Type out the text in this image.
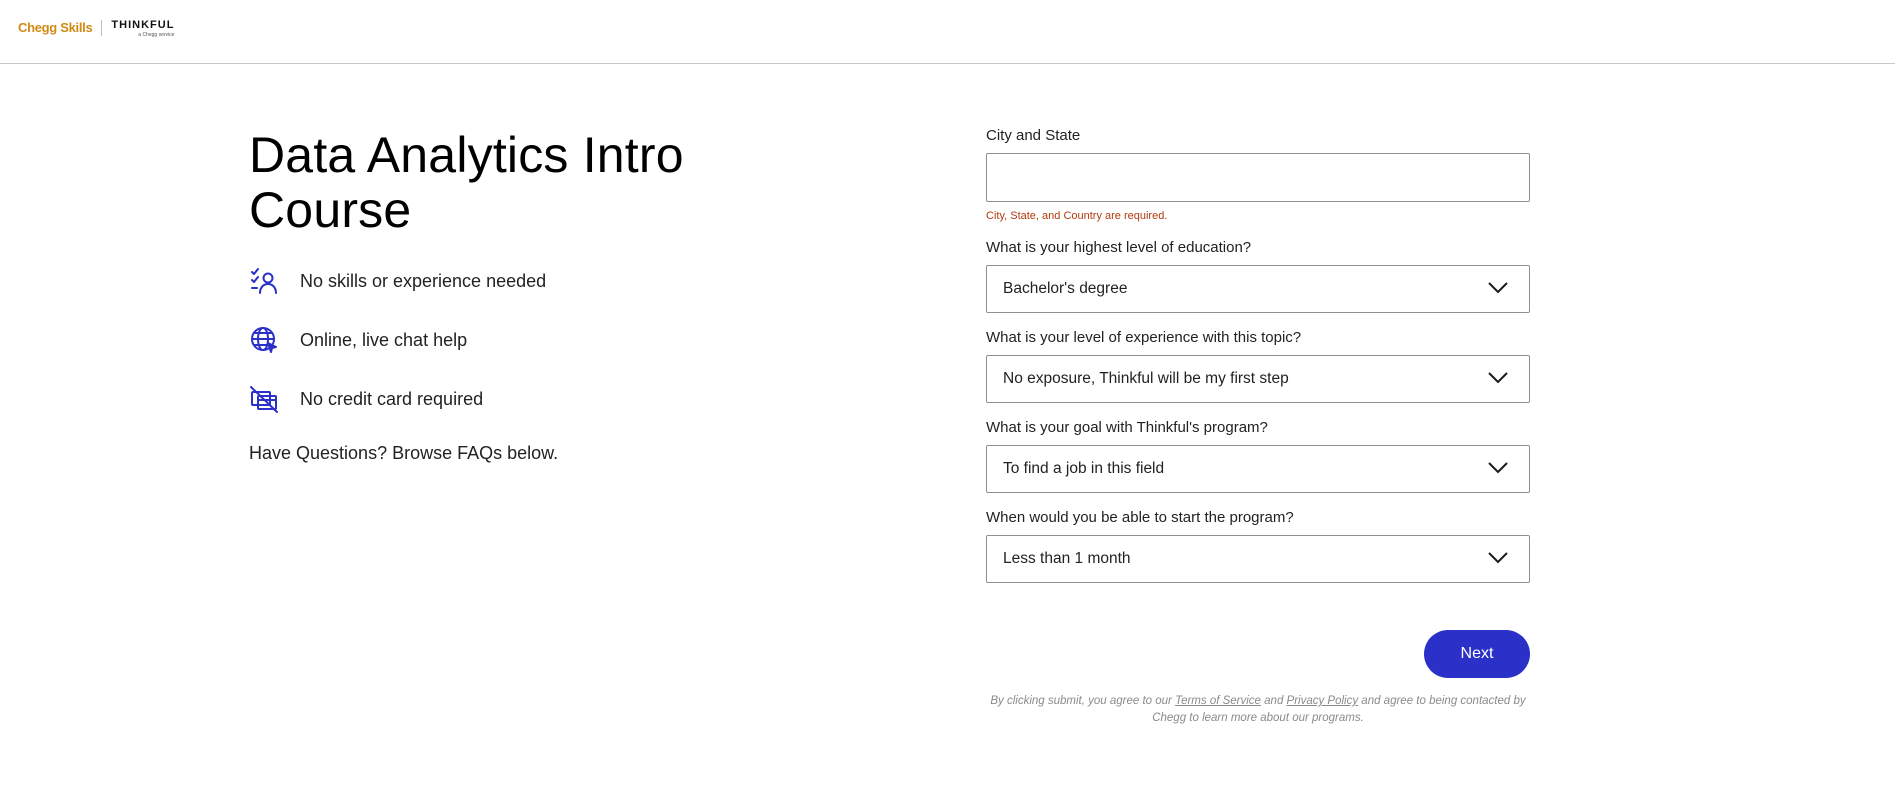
Chegg Skills THINKFUL
a Chegg service
Data Analytics Intro Course
No skills or experience needed
Online, live chat help
No credit card required

Have Questions? Browse FAQs below.

City and State
City, State, and Country are required.
What is your highest level of education?
Bachelor's degree
What is your level of experience with this topic?
No exposure, Thinkful will be my first step
What is your goal with Thinkful's program?
To find a job in this field
When would you be able to start the program?
Less than 1 month
Next

By clicking submit, you agree to our Terms of Service and Privacy Policy and agree to being contacted by Chegg to learn more about our programs.
